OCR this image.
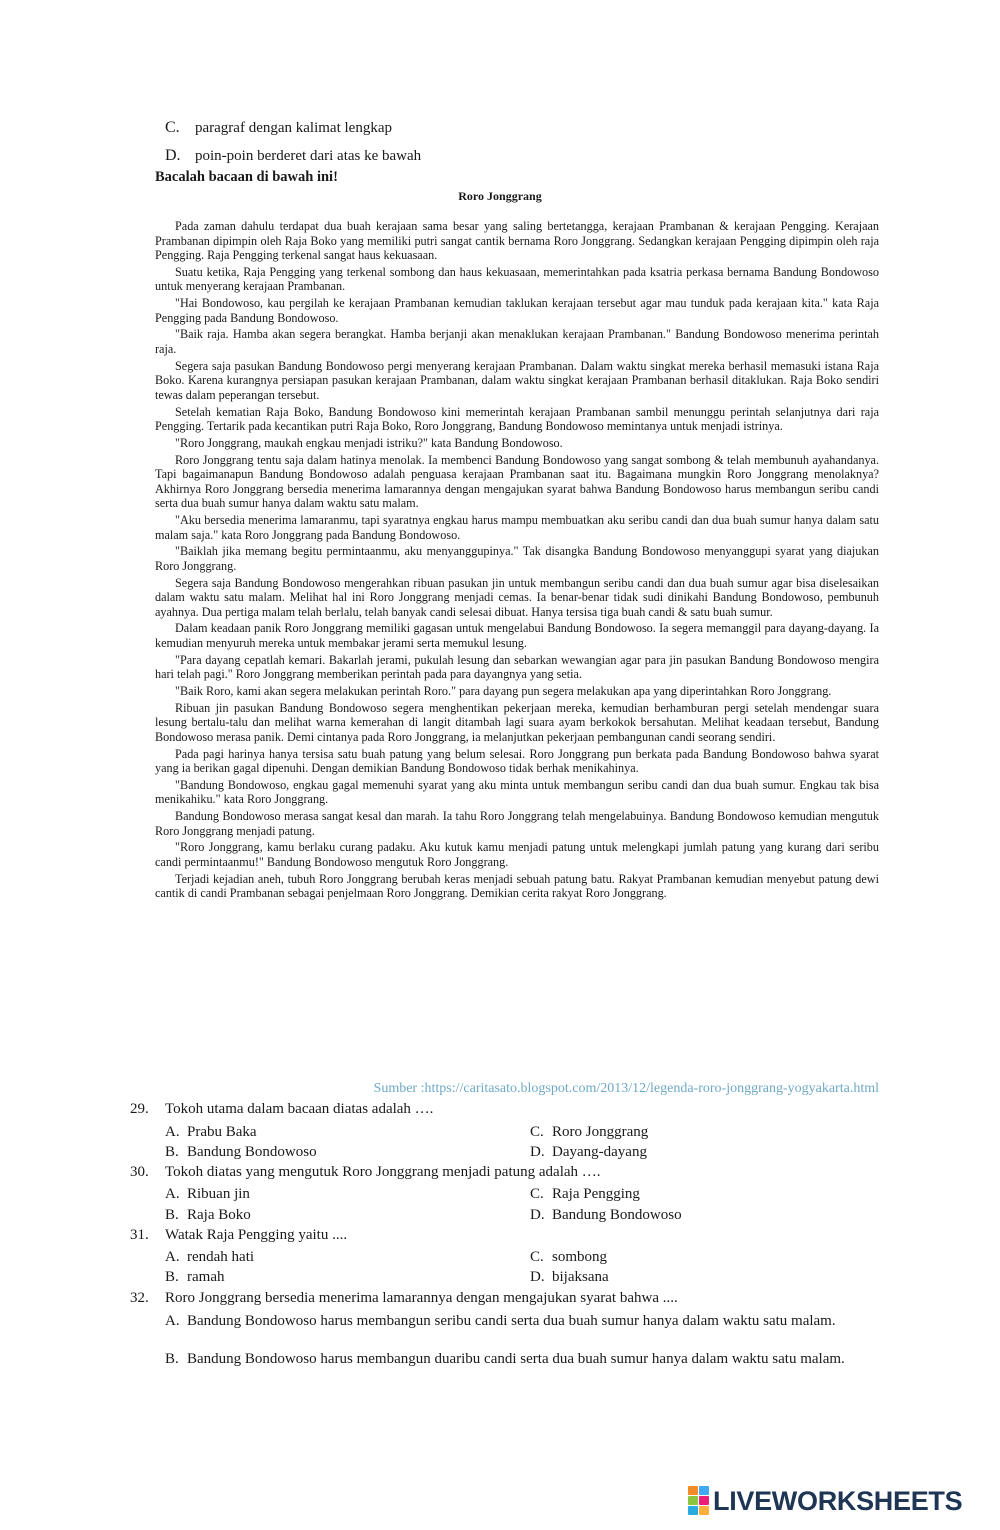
C. paragraf dengan kalimat lengkap
D. poin-poin berderet dari atas ke bawah
Bacalah bacaan di bawah ini!
Roro Jonggrang

Pada zaman dahulu terdapat dua buah kerajaan sama besar yang saling bertetangga, kerajaan Prambanan & kerajaan Pengging. Kerajaan Prambanan dipimpin oleh Raja Boko yang memiliki putri sangat cantik bernama Roro Jonggrang. Sedangkan kerajaan Pengging dipimpin oleh raja Pengging. Raja Pengging terkenal sangat haus kekuasaan.

Suatu ketika, Raja Pengging yang terkenal sombong dan haus kekuasaan, memerintahkan pada ksatria perkasa bernama Bandung Bondowoso untuk menyerang kerajaan Prambanan.

"Hai Bondowoso, kau pergilah ke kerajaan Prambanan kemudian taklukan kerajaan tersebut agar mau tunduk pada kerajaan kita." kata Raja Pengging pada Bandung Bondowoso.

"Baik raja. Hamba akan segera berangkat. Hamba berjanji akan menaklukan kerajaan Prambanan." Bandung Bondowoso menerima perintah raja.

Segera saja pasukan Bandung Bondowoso pergi menyerang kerajaan Prambanan. Dalam waktu singkat mereka berhasil memasuki istana Raja Boko. Karena kurangnya persiapan pasukan kerajaan Prambanan, dalam waktu singkat kerajaan Prambanan berhasil ditaklukan. Raja Boko sendiri tewas dalam peperangan tersebut.

Setelah kematian Raja Boko, Bandung Bondowoso kini memerintah kerajaan Prambanan sambil menunggu perintah selanjutnya dari raja Pengging. Tertarik pada kecantikan putri Raja Boko, Roro Jonggrang, Bandung Bondowoso memintanya untuk menjadi istrinya.

"Roro Jonggrang, maukah engkau menjadi istriku?" kata Bandung Bondowoso.

Roro Jonggrang tentu saja dalam hatinya menolak. Ia membenci Bandung Bondowoso yang sangat sombong & telah membunuh ayahandanya. Tapi bagaimanapun Bandung Bondowoso adalah penguasa kerajaan Prambanan saat itu. Bagaimana mungkin Roro Jonggrang menolaknya? Akhirnya Roro Jonggrang bersedia menerima lamarannya dengan mengajukan syarat bahwa Bandung Bondowoso harus membangun seribu candi serta dua buah sumur hanya dalam waktu satu malam.

"Aku bersedia menerima lamaranmu, tapi syaratnya engkau harus mampu membuatkan aku seribu candi dan dua buah sumur hanya dalam satu malam saja." kata Roro Jonggrang pada Bandung Bondowoso.

"Baiklah jika memang begitu permintaanmu, aku menyanggupinya." Tak disangka Bandung Bondowoso menyanggupi syarat yang diajukan Roro Jonggrang.

Segera saja Bandung Bondowoso mengerahkan ribuan pasukan jin untuk membangun seribu candi dan dua buah sumur agar bisa diselesaikan dalam waktu satu malam. Melihat hal ini Roro Jonggrang menjadi cemas. Ia benar-benar tidak sudi dinikahi Bandung Bondowoso, pembunuh ayahnya. Dua pertiga malam telah berlalu, telah banyak candi selesai dibuat. Hanya tersisa tiga buah candi & satu buah sumur.

Dalam keadaan panik Roro Jonggrang memiliki gagasan untuk mengelabui Bandung Bondowoso. Ia segera memanggil para dayang-dayang. Ia kemudian menyuruh mereka untuk membakar jerami serta memukul lesung.

"Para dayang cepatlah kemari. Bakarlah jerami, pukulah lesung dan sebarkan wewangian agar para jin pasukan Bandung Bondowoso mengira hari telah pagi." Roro Jonggrang memberikan perintah pada para dayangnya yang setia.

"Baik Roro, kami akan segera melakukan perintah Roro." para dayang pun segera melakukan apa yang diperintahkan Roro Jonggrang.

Ribuan jin pasukan Bandung Bondowoso segera menghentikan pekerjaan mereka, kemudian berhamburan pergi setelah mendengar suara lesung bertalu-talu dan melihat warna kemerahan di langit ditambah lagi suara ayam berkokok bersahutan. Melihat keadaan tersebut, Bandung Bondowoso merasa panik. Demi cintanya pada Roro Jonggrang, ia melanjutkan pekerjaan pembangunan candi seorang sendiri.

Pada pagi harinya hanya tersisa satu buah patung yang belum selesai. Roro Jonggrang pun berkata pada Bandung Bondowoso bahwa syarat yang ia berikan gagal dipenuhi. Dengan demikian Bandung Bondowoso tidak berhak menikahinya.

"Bandung Bondowoso, engkau gagal memenuhi syarat yang aku minta untuk membangun seribu candi dan dua buah sumur. Engkau tak bisa menikahiku." kata Roro Jonggrang.

Bandung Bondowoso merasa sangat kesal dan marah. Ia tahu Roro Jonggrang telah mengelabuinya. Bandung Bondowoso kemudian mengutuk Roro Jonggrang menjadi patung.

"Roro Jonggrang, kamu berlaku curang padaku. Aku kutuk kamu menjadi patung untuk melengkapi jumlah patung yang kurang dari seribu candi permintaanmu!" Bandung Bondowoso mengutuk Roro Jonggrang.

Terjadi kejadian aneh, tubuh Roro Jonggrang berubah keras menjadi sebuah patung batu. Rakyat Prambanan kemudian menyebut patung dewi cantik di candi Prambanan sebagai penjelmaan Roro Jonggrang. Demikian cerita rakyat Roro Jonggrang.

Sumber :https://caritasato.blogspot.com/2013/12/legenda-roro-jonggrang-yogyakarta.html
29. Tokoh utama dalam bacaan diatas adalah ….
A. Prabu Baka
B. Bandung Bondowoso
C. Roro Jonggrang
D. Dayang-dayang
30. Tokoh diatas yang mengutuk Roro Jonggrang menjadi patung adalah ….
A. Ribuan jin
B. Raja Boko
C. Raja Pengging
D. Bandung Bondowoso
31. Watak Raja Pengging yaitu ....
A. rendah hati
B. ramah
C. sombong
D. bijaksana
32. Roro Jonggrang bersedia menerima lamarannya dengan mengajukan syarat bahwa ....
A. Bandung Bondowoso harus membangun seribu candi serta dua buah sumur hanya dalam waktu satu malam.
B. Bandung Bondowoso harus membangun duaribu candi serta dua buah sumur hanya dalam waktu satu malam.
LIVEWORKSHEETS
